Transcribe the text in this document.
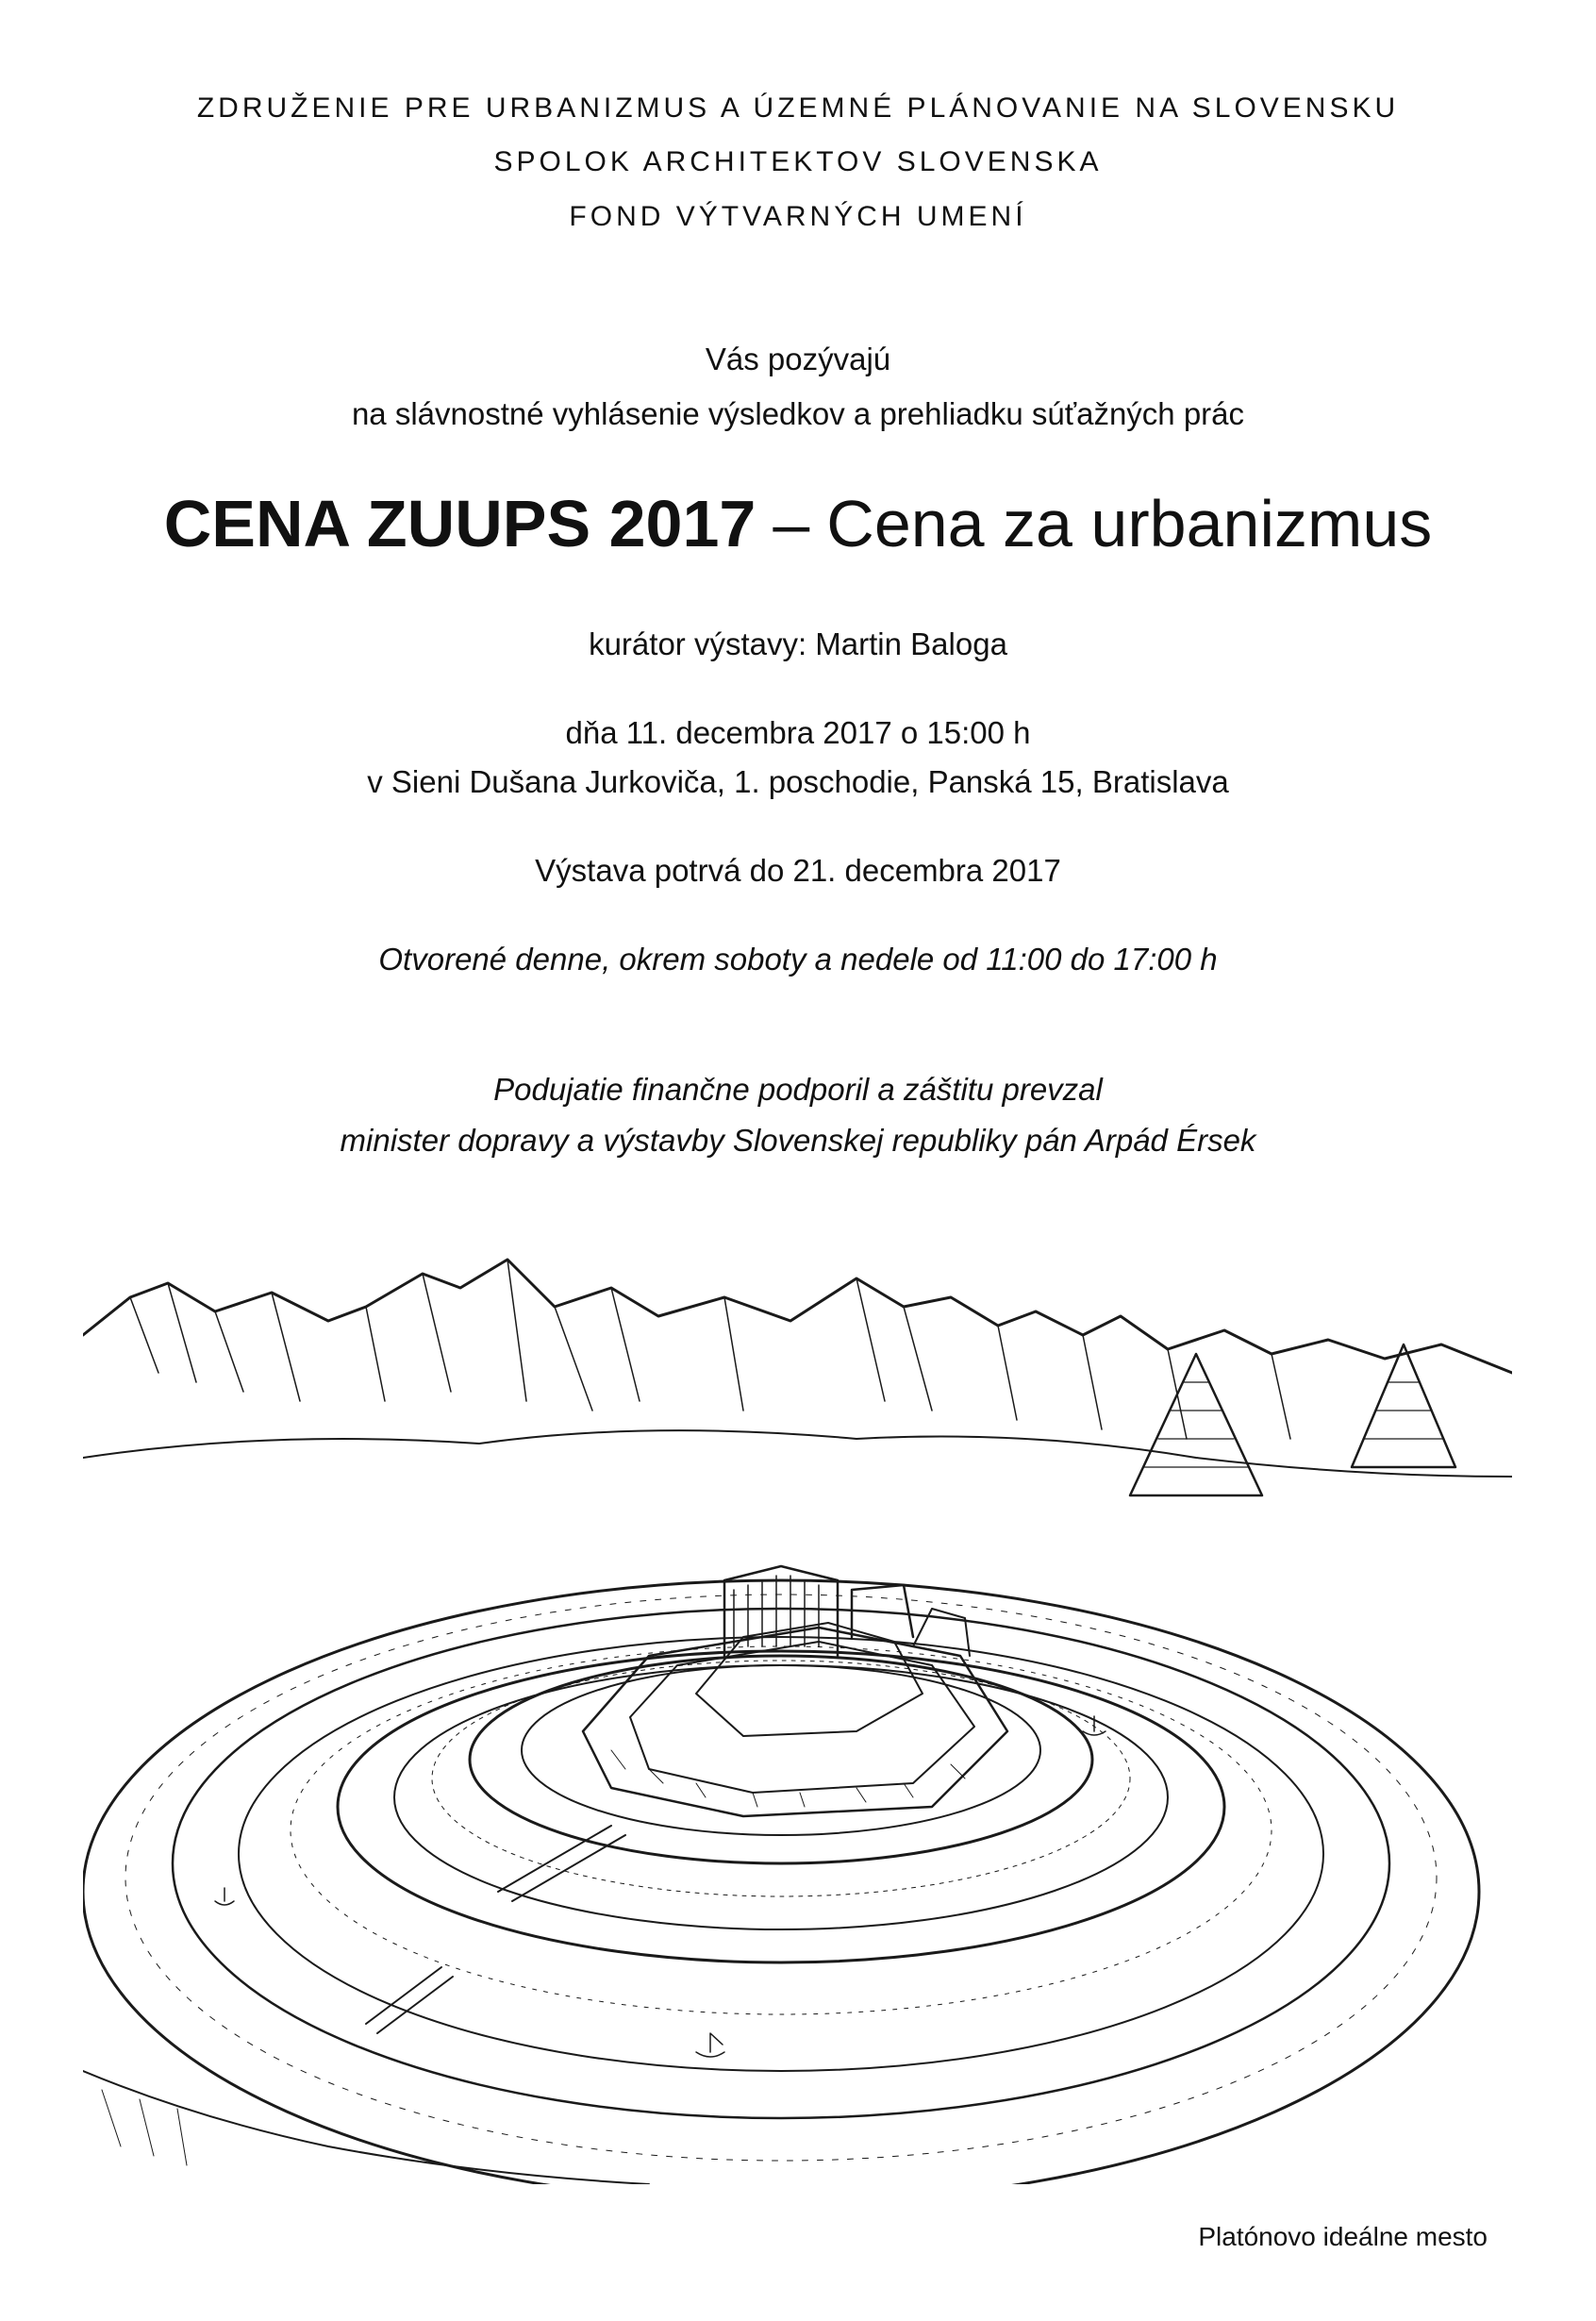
ZDRUŽENIE PRE URBANIZMUS A ÚZEMNÉ PLÁNOVANIE NA SLOVENSKU
SPOLOK ARCHITEKTOV SLOVENSKA
FOND VÝTVARNÝCH UMENÍ
Vás pozývajú
na slávnostné vyhlásenie výsledkov a prehliadku súťažných prác
CENA ZUUPS 2017 – Cena za urbanizmus
kurátor výstavy: Martin Baloga
dňa 11. decembra 2017 o 15:00 h
v Sieni Dušana Jurkoviča, 1. poschodie, Panská 15, Bratislava
Výstava potrvá do 21. decembra 2017
Otvorené denne, okrem soboty a nedele od 11:00 do 17:00 h
Podujatie finančne podporil a záštitu prevzal
minister dopravy a výstavby Slovenskej republiky pán Arpád Érsek
Platónovo ideálne mesto
